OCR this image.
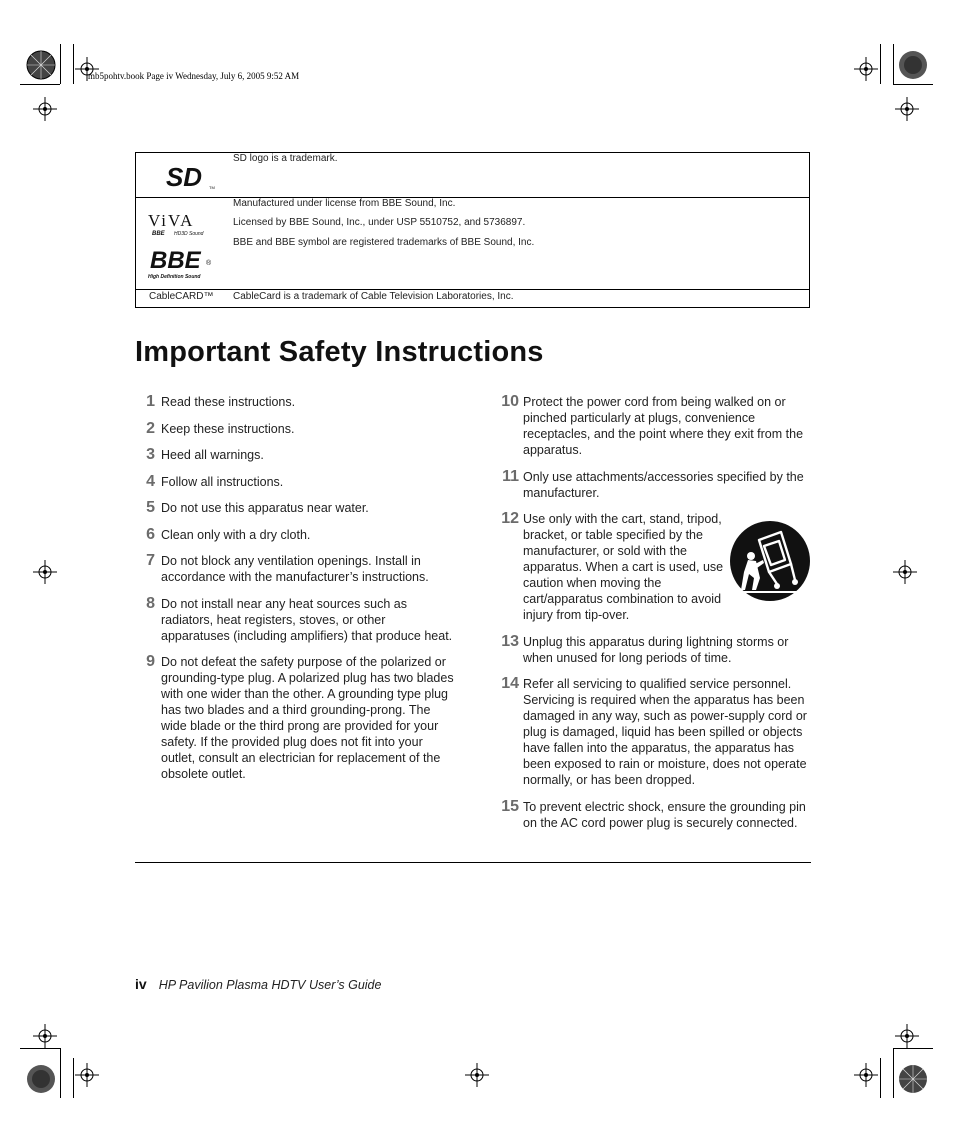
mb5pohtv.book Page iv Wednesday, July 6, 2005 9:52 AM
SD TM
SD logo is a trademark.
ViVA
BBE HD3D Sound
BBE ®
High Definition Sound
Manufactured under license from BBE Sound, Inc.
Licensed by BBE Sound, Inc., under USP 5510752, and 5736897.
BBE and BBE symbol are registered trademarks of BBE Sound, Inc.
CableCARD™ CableCard is a trademark of Cable Television Laboratories, Inc.
Important Safety Instructions
1 Read these instructions.
2 Keep these instructions.
3 Heed all warnings.
4 Follow all instructions.
5 Do not use this apparatus near water.
6 Clean only with a dry cloth.
7 Do not block any ventilation openings. Install in accordance with the manufacturer’s instructions.
8 Do not install near any heat sources such as radiators, heat registers, stoves, or other apparatuses (including amplifiers) that produce heat.
9 Do not defeat the safety purpose of the polarized or grounding-type plug. A polarized plug has two blades with one wider than the other. A grounding type plug has two blades and a third grounding-prong. The wide blade or the third prong are provided for your safety. If the provided plug does not fit into your outlet, consult an electrician for replacement of the obsolete outlet.
10 Protect the power cord from being walked on or pinched particularly at plugs, convenience receptacles, and the point where they exit from the apparatus.
11 Only use attachments/accessories specified by the manufacturer.
12 Use only with the cart, stand, tripod, bracket, or table specified by the manufacturer, or sold with the apparatus. When a cart is used, use caution when moving the cart/apparatus combination to avoid injury from tip-over.
13 Unplug this apparatus during lightning storms or when unused for long periods of time.
14 Refer all servicing to qualified service personnel. Servicing is required when the apparatus has been damaged in any way, such as power-supply cord or plug is damaged, liquid has been spilled or objects have fallen into the apparatus, the apparatus has been exposed to rain or moisture, does not operate normally, or has been dropped.
15 To prevent electric shock, ensure the grounding pin on the AC cord power plug is securely connected.
iv HP Pavilion Plasma HDTV User’s Guide
